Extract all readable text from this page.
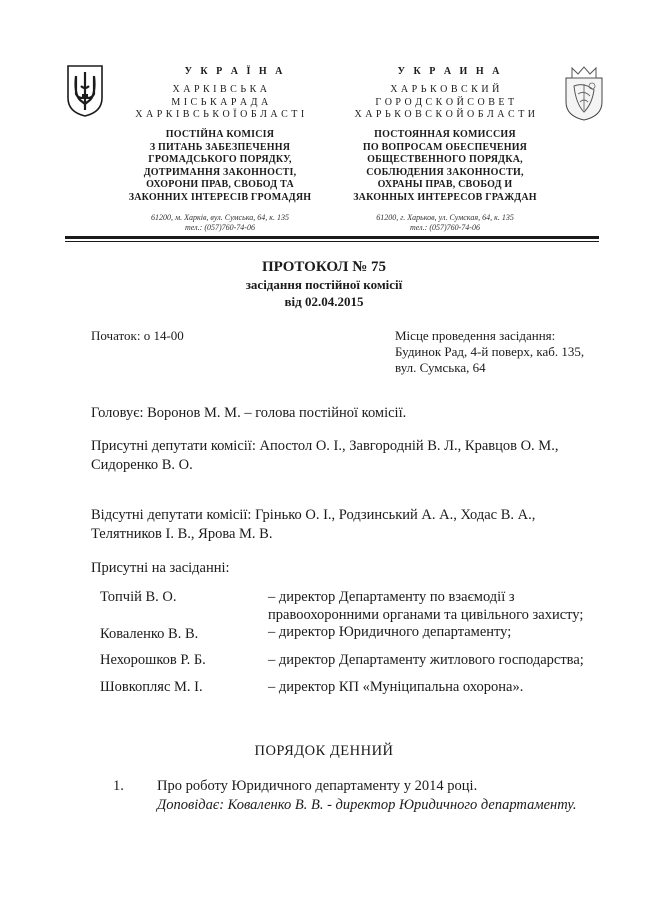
У К Р А Ї Н А
Х А Р К І В С Ь К А
М І С Ь К А Р А Д А
Х А Р К І В С Ь К О Ї О Б Л А С Т І
ПОСТІЙНА КОМІСІЯ
З ПИТАНЬ ЗАБЕЗПЕЧЕННЯ
ГРОМАДСЬКОГО ПОРЯДКУ,
ДОТРИМАННЯ ЗАКОННОСТІ,
ОХОРОНИ ПРАВ, СВОБОД ТА
ЗАКОННИХ ІНТЕРЕСІВ ГРОМАДЯН
61200, м. Харків, вул. Сумська, 64, к. 135
тел.: (057)760-74-06
У К Р А И Н А
Х А Р Ь К О В С К И Й
Г О Р О Д С К О Й С О В Е Т
Х А Р Ь К О В С К О Й О Б Л А С Т И
ПОСТОЯННАЯ КОМИССИЯ
ПО ВОПРОСАМ ОБЕСПЕЧЕНИЯ
ОБЩЕСТВЕННОГО ПОРЯДКА,
СОБЛЮДЕНИЯ ЗАКОННОСТИ,
ОХРАНЫ ПРАВ, СВОБОД И
ЗАКОННЫХ ИНТЕРЕСОВ ГРАЖДАН
61200, г. Харьков, ул. Сумская, 64, к. 135
тел.: (057)760-74-06
ПРОТОКОЛ № 75
засідання постійної комісії
від 02.04.2015
Початок: о 14-00	Місце проведення засідання:
Будинок Рад, 4-й поверх, каб. 135,
вул. Сумська, 64
Головує: Воронов М. М. – голова постійної комісії.
Присутні депутати комісії: Апостол О. І., Завгородній В. Л., Кравцов О. М.,
Сидоренко В. О.
Відсутні депутати комісії: Грінько О. І., Родзинський А. А., Ходас В. А.,
Телятников І. В., Ярова М. В.
Присутні на засіданні:
Топчій В. О.	– директор Департаменту по взаємодії з
правоохоронними органами та цивільного захисту;
Коваленко В. В.	– директор Юридичного департаменту;
Нехорошков Р. Б.	– директор Департаменту житлового господарства;
Шовкопляс М. І.	– директор КП «Муніципальна охорона».
ПОРЯДОК ДЕННИЙ
1. Про роботу Юридичного департаменту у 2014 році.
Доповідає: Коваленко В. В. - директор Юридичного департаменту.
